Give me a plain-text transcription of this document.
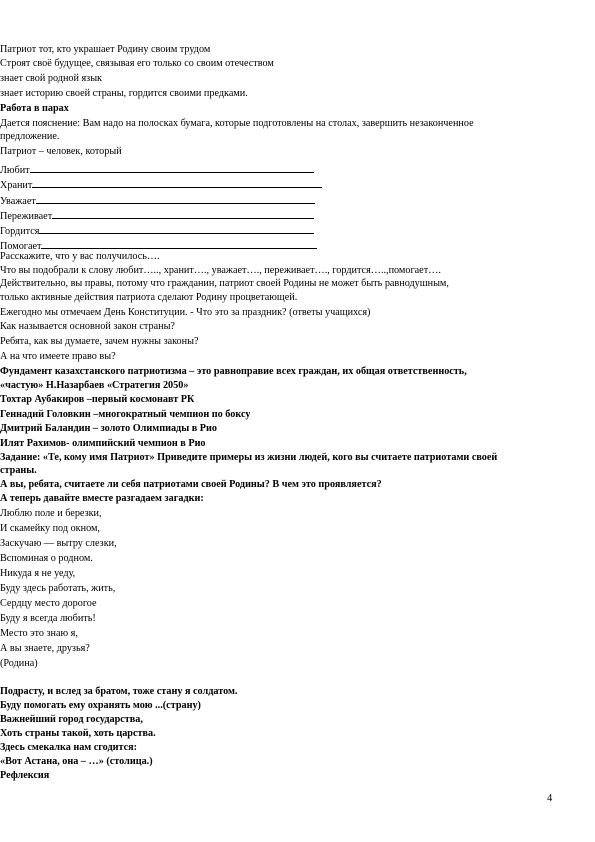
Патриот тот, кто украшает Родину своим трудом
Строят своё будущее, связывая его только со своим отечеством
знает свой родной язык
знает историю своей страны, гордится своими предками.
Работа в парах
Дается пояснение: Вам надо на полосках бумага, которые подготовлены на столах, завершить незаконченное
предложение.
Патриот – человек, который
Любит
Хранит
Уважает
Переживает
Гордится
Помогает
Расскажите, что у вас получилось….
Что вы подобрали к слову любит….., хранит…., уважает…., переживает…., гордится…..,помогает….
Действительно, вы правы, потому что гражданин, патриот своей Родины не может быть равнодушным,
только активные действия патриота сделают Родину процветающей.
Ежегодно мы отмечаем День Конституции. - Что это за праздник? (ответы учащихся)
Как называется основной закон страны?
Ребята, как вы думаете, зачем нужны законы?
А на что имеете право вы?
Фундамент казахстанского патриотизма – это равноправие всех граждан, их общая ответственность,
«частую» Н.Назарбаев «Стратегия 2050»
Тохтар Аубакиров –первый космонавт РК
Геннадий Головкин –многократный чемпион по боксу
Дмитрий Баландин – золото Олимпиады в Рио
Илят Рахимов- олимпийский чемпион в Рио
Задание: «Те, кому имя Патриот» Приведите примеры из жизни людей, кого вы считаете патриотами своей
страны.
А вы, ребята, считаете ли себя патриотами своей Родины? В чем это проявляется?
А теперь давайте вместе разгадаем загадки:
Люблю поле и березки,
И скамейку под окном,
Заскучаю — вытру слезки,
Вспоминая о родном.
Никуда я не уеду,
Буду здесь работать, жить,
Сердцу место дорогое
Буду я всегда любить!
Место это знаю я,
А вы знаете, друзья?
(Родина)
Подрасту, и вслед за братом, тоже стану я солдатом.
Буду помогать ему охранять мою ...(страну)
Важнейший город государства,
Хоть страны такой, хоть царства.
Здесь смекалка нам сгодится:
«Вот Астана, она – …» (столица.)
Рефлексия
4
